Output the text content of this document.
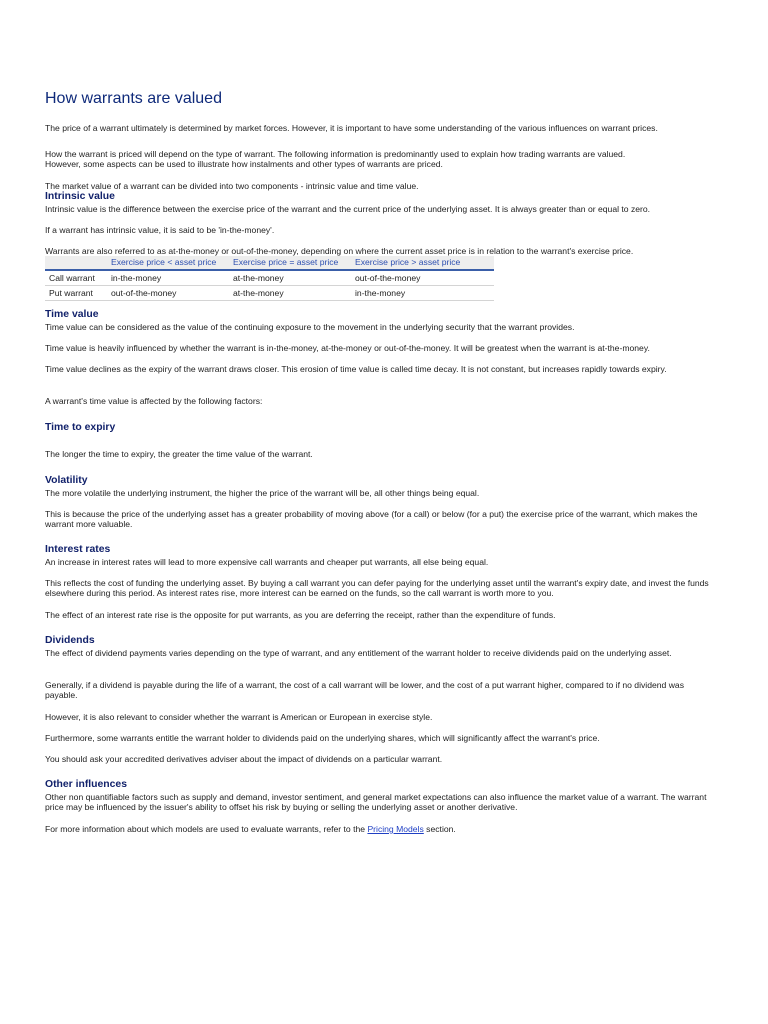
How warrants are valued

The price of a warrant ultimately is determined by market forces. However, it is important to have some understanding of the various influences on warrant prices.

How the warrant is priced will depend on the type of warrant. The following information is predominantly used to explain how trading warrants are valued. However, some aspects can be used to illustrate how instalments and other types of warrants are priced.

The market value of a warrant can be divided into two components - intrinsic value and time value.

Intrinsic value

Intrinsic value is the difference between the exercise price of the warrant and the current price of the underlying asset. It is always greater than or equal to zero.

If a warrant has intrinsic value, it is said to be 'in-the-money'.

Warrants are also referred to as at-the-money or out-of-the-money, depending on where the current asset price is in relation to the warrant's exercise price.

	Exercise price < asset price	Exercise price = asset price	Exercise price > asset price
Call warrant	in-the-money	at-the-money	out-of-the-money
Put warrant	out-of-the-money	at-the-money	in-the-money
Time value

Time value can be considered as the value of the continuing exposure to the movement in the underlying security that the warrant provides.

Time value is heavily influenced by whether the warrant is in-the-money, at-the-money or out-of-the-money. It will be greatest when the warrant is at-the-money.

Time value declines as the expiry of the warrant draws closer. This erosion of time value is called time decay. It is not constant, but increases rapidly towards expiry.

A warrant's time value is affected by the following factors:

Time to expiry

The longer the time to expiry, the greater the time value of the warrant.

Volatility

The more volatile the underlying instrument, the higher the price of the warrant will be, all other things being equal.

This is because the price of the underlying asset has a greater probability of moving above (for a call) or below (for a put) the exercise price of the warrant, which makes the warrant more valuable.

Interest rates

An increase in interest rates will lead to more expensive call warrants and cheaper put warrants, all else being equal.

This reflects the cost of funding the underlying asset. By buying a call warrant you can defer paying for the underlying asset until the warrant's expiry date, and invest the funds elsewhere during this period. As interest rates rise, more interest can be earned on the funds, so the call warrant is worth more to you.

The effect of an interest rate rise is the opposite for put warrants, as you are deferring the receipt, rather than the expenditure of funds.

Dividends

The effect of dividend payments varies depending on the type of warrant, and any entitlement of the warrant holder to receive dividends paid on the underlying asset.

Generally, if a dividend is payable during the life of a warrant, the cost of a call warrant will be lower, and the cost of a put warrant higher, compared to if no dividend was payable.

However, it is also relevant to consider whether the warrant is American or European in exercise style.

Furthermore, some warrants entitle the warrant holder to dividends paid on the underlying shares, which will significantly affect the warrant's price.

You should ask your accredited derivatives adviser about the impact of dividends on a particular warrant.

Other influences

Other non quantifiable factors such as supply and demand, investor sentiment, and general market expectations can also influence the market value of a warrant. The warrant price may be influenced by the issuer's ability to offset his risk by buying or selling the underlying asset or another derivative.

For more information about which models are used to evaluate warrants, refer to the Pricing Models section.
